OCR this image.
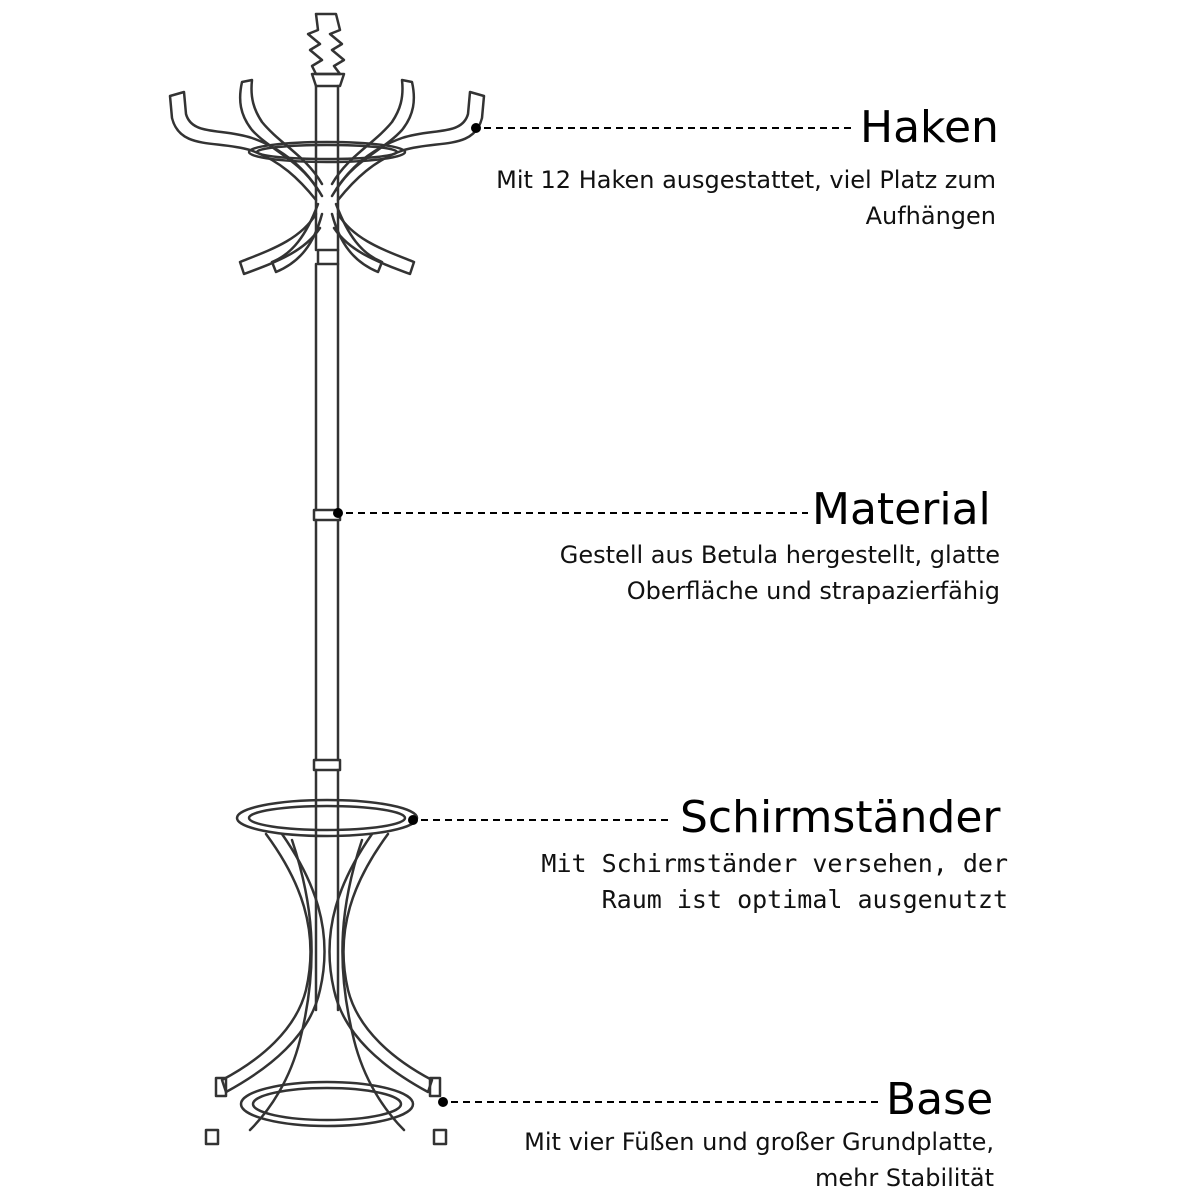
Haken
Mit 12 Haken ausgestattet, viel Platz zum
Aufhängen
Material
Gestell aus Betula hergestellt, glatte
Oberfläche und strapazierfähig
Schirmständer
Mit Schirmständer versehen, der
Raum ist optimal ausgenutzt
Base
Mit vier Füßen und großer Grundplatte,
mehr Stabilität
